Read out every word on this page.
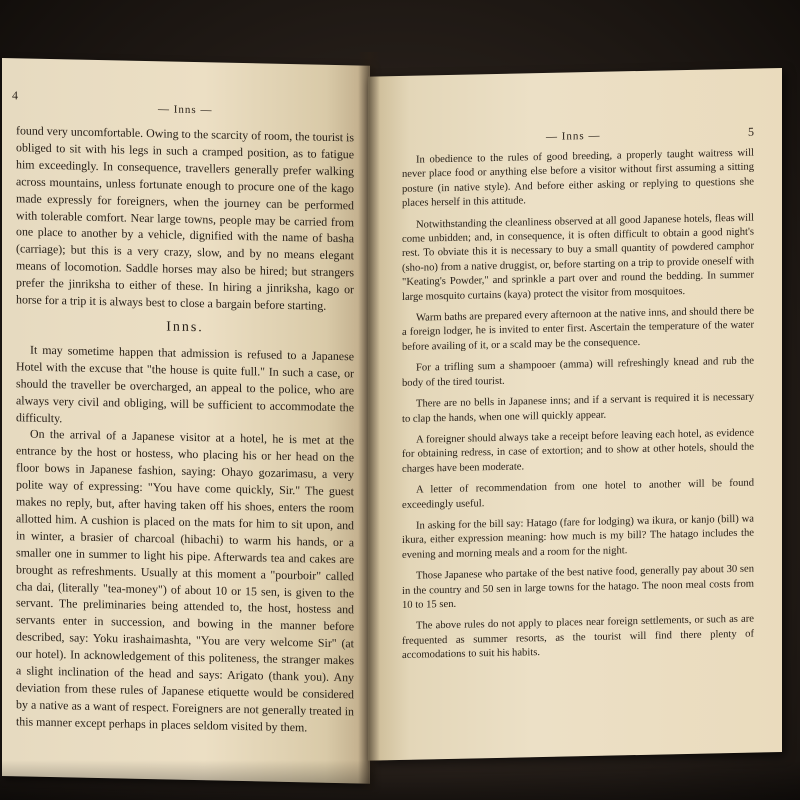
4
— Inns —

found very uncomfortable. Owing to the scarcity of room, the tourist is obliged to sit with his legs in such a cramped position, as to fatigue him exceedingly. In consequence, travellers generally prefer walking across mountains, unless fortunate enough to procure one of the kago made expressly for foreigners, when the journey can be performed with tolerable comfort. Near large towns, people may be carried from one place to another by a vehicle, dignified with the name of basha (carriage); but this is a very crazy, slow, and by no means elegant means of locomotion. Saddle horses may also be hired; but strangers prefer the jinriksha to either of these. In hiring a jinriksha, kago or horse for a trip it is always best to close a bargain before starting.

Inns.

It may sometime happen that admission is refused to a Japanese Hotel with the excuse that "the house is quite full." In such a case, or should the traveller be overcharged, an appeal to the police, who are always very civil and obliging, will be sufficient to accommodate the difficulty.

On the arrival of a Japanese visitor at a hotel, he is met at the entrance by the host or hostess, who placing his or her head on the floor bows in Japanese fashion, saying: Ohayo gozarimasu, a very polite way of expressing: "You have come quickly, Sir." The guest makes no reply, but, after having taken off his shoes, enters the room allotted him. A cushion is placed on the mats for him to sit upon, and in winter, a brasier of charcoal (hibachi) to warm his hands, or a smaller one in summer to light his pipe. Afterwards tea and cakes are brought as refreshments. Usually at this moment a "pourboir" called cha dai, (literally "tea-money") of about 10 or 15 sen, is given to the servant. The preliminaries being attended to, the host, hostess and servants enter in succession, and bowing in the manner before described, say: Yoku irashaimashta, "You are very welcome Sir" (at our hotel). In acknowledgement of this politeness, the stranger makes a slight inclination of the head and says: Arigato (thank you). Any deviation from these rules of Japanese etiquette would be considered by a native as a want of respect. Foreigners are not generally treated in this manner except perhaps in places seldom visited by them.

— Inns —	5
In obedience to the rules of good breeding, a properly taught waitress will never place food or anything else before a visitor without first assuming a sitting posture (in native style). And before either asking or replying to questions she places herself in this attitude.
Notwithstanding the cleanliness observed at all good Japanese hotels, fleas will come unbidden; and, in consequence, it is often difficult to obtain a good night's rest. To obviate this it is necessary to buy a small quantity of powdered camphor (sho-no) from a native druggist, or, before starting on a trip to provide oneself with "Keating's Powder," and sprinkle a part over and round the bedding. In summer large mosquito curtains (kaya) protect the visitor from mosquitoes.
Warm baths are prepared every afternoon at the native inns, and should there be a foreign lodger, he is invited to enter first. Ascertain the temperature of the water before availing of it, or a scald may be the consequence.
For a trifling sum a shampooer (amma) will refreshingly knead and rub the body of the tired tourist.
There are no bells in Japanese inns; and if a servant is required it is necessary to clap the hands, when one will quickly appear.
A foreigner should always take a receipt before leaving each hotel, as evidence for obtaining redress, in case of extortion; and to show at other hotels, should the charges have been moderate.
A letter of recommendation from one hotel to another will be found exceedingly useful.
In asking for the bill say: Hatago (fare for lodging) wa ikura, or kanjo (bill) wa ikura, either expression meaning: how much is my bill? The hatago includes the evening and morning meals and a room for the night.
Those Japanese who partake of the best native food, generally pay about 30 sen in the country and 50 sen in large towns for the hatago. The noon meal costs from 10 to 15 sen.
The above rules do not apply to places near foreign settlements, or such as are frequented as summer resorts, as the tourist will find there plenty of accomodations to suit his habits.
